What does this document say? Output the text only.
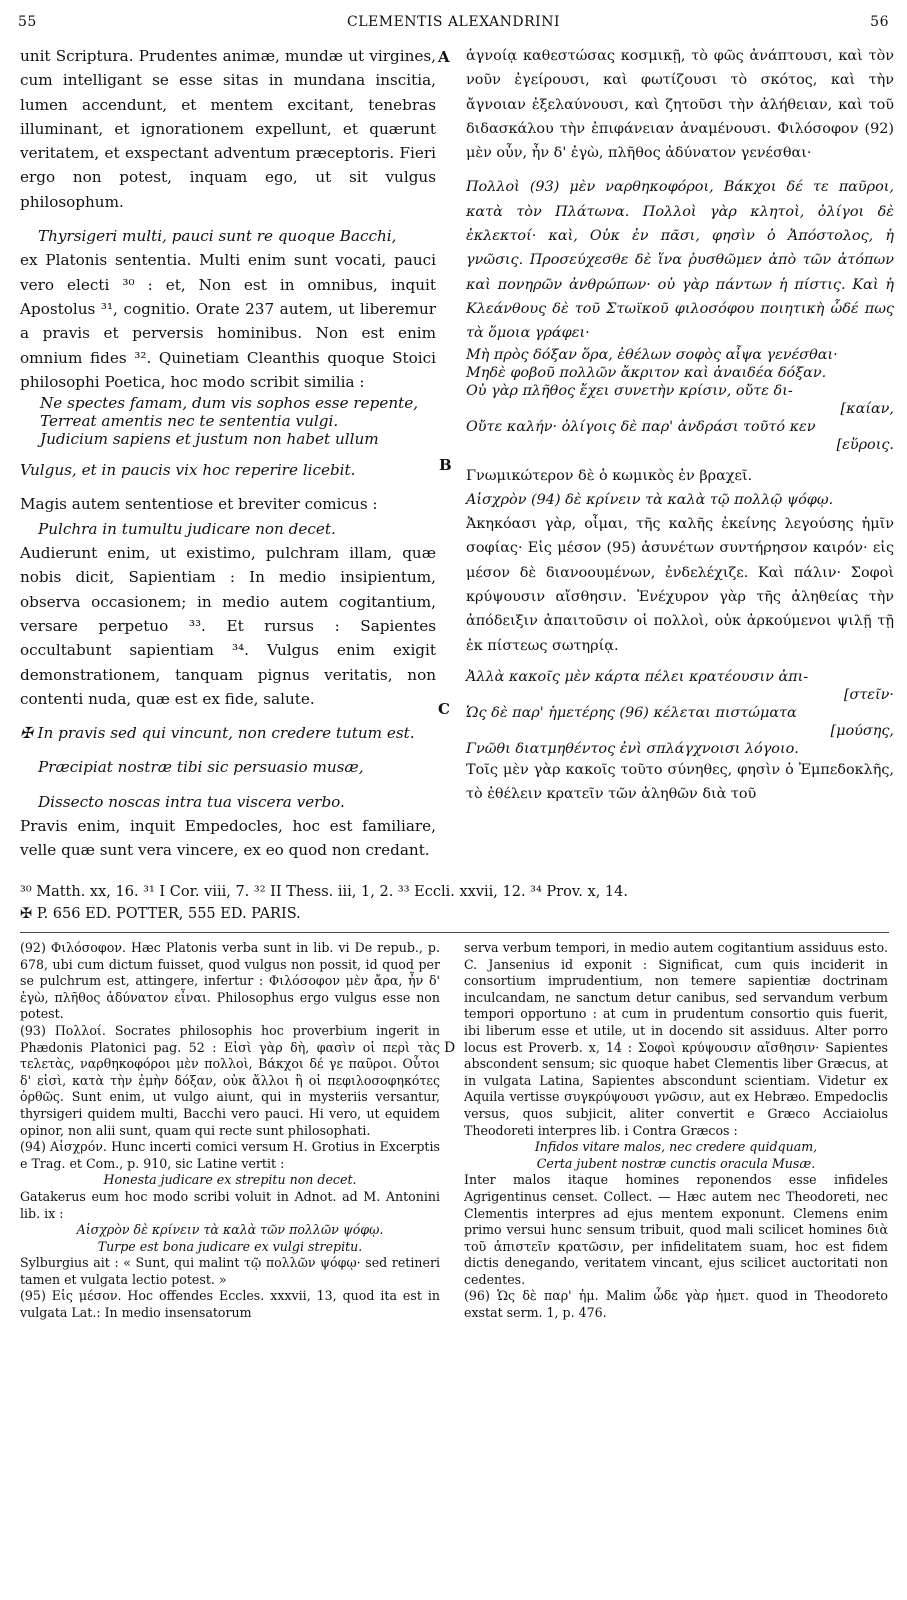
55	CLEMENTIS ALEXANDRINI	56
A
B
C
D

unit Scriptura. Prudentes animæ, mundæ ut virgines, cum intelligant se esse sitas in mundana inscitia, lumen accendunt, et mentem excitant, tenebras illuminant, et ignorationem expellunt, et quærunt veritatem, et exspectant adventum præceptoris. Fieri ergo non potest, inquam ego, ut sit vulgus philosophum.

Thyrsigeri multi, pauci sunt re quoque Bacchi,

ex Platonis sententia. Multi enim sunt vocati, pauci vero electi ³⁰ : et, Non est in omnibus, inquit Apostolus ³¹, cognitio. Orate 237 autem, ut liberemur a pravis et perversis hominibus. Non est enim omnium fides ³². Quinetiam Cleanthis quoque Stoici philosophi Poetica, hoc modo scribit similia :

Ne spectes famam, dum vis sophos esse repente,
Terreat amentis nec te sententia vulgi.
Judicium sapiens et justum non habet ullum

Vulgus, et in paucis vix hoc reperire licebit.

Magis autem sententiose et breviter comicus :

Pulchra in tumultu judicare non decet.

Audierunt enim, ut existimo, pulchram illam, quæ nobis dicit, Sapientiam : In medio insipientum, observa occasionem; in medio autem cogitantium, versare perpetuo ³³. Et rursus : Sapientes occultabunt sapientiam ³⁴. Vulgus enim exigit demonstrationem, tanquam pignus veritatis, non contenti nuda, quæ est ex fide, salute.

✠ In pravis sed qui vincunt, non credere tutum est.

Præcipiat nostræ tibi sic persuasio musæ,

Dissecto noscas intra tua viscera verbo.

Pravis enim, inquit Empedocles, hoc est familiare, velle quæ sunt vera vincere, ex eo quod non credant.

ἁγνοίᾳ καθεστώσας κοσμικῇ, τὸ φῶς ἀνάπτουσι, καὶ τὸν νοῦν ἐγείρουσι, καὶ φωτίζουσι τὸ σκότος, καὶ τὴν ἄγνοιαν ἐξελαύνουσι, καὶ ζητοῦσι τὴν ἀλήθειαν, καὶ τοῦ διδασκάλου τὴν ἐπιφάνειαν ἀναμένουσι. Φιλόσοφον (92) μὲν οὖν, ἦν δ' ἐγὼ, πλῆθος ἀδύνατον γενέσθαι·

Πολλοὶ (93) μὲν ναρθηκοφόροι, Βάκχοι δέ τε παῦροι, κατὰ τὸν Πλάτωνα. Πολλοὶ γὰρ κλητοὶ, ὀλίγοι δὲ ἐκλεκτοί· καὶ, Οὐκ ἐν πᾶσι, φησὶν ὁ Ἀπόστολος, ἡ γνῶσις. Προσεύχεσθε δὲ ἵνα ῥυσθῶμεν ἀπὸ τῶν ἀτόπων καὶ πονηρῶν ἀνθρώπων· οὐ γὰρ πάντων ἡ πίστις. Καὶ ἡ Κλεάνθους δὲ τοῦ Στωϊκοῦ φιλοσόφου ποιητικὴ ὧδέ πως τὰ ὅμοια γράφει·

Μὴ πρὸς δόξαν ὅρα, ἐθέλων σοφὸς αἶψα γενέσθαι·
Μηδὲ φοβοῦ πολλῶν ἄκριτον καὶ ἀναιδέα δόξαν.
Οὐ γὰρ πλῆθος ἔχει συνετὴν κρίσιν, οὔτε δι-
[καίαν,
Οὔτε καλήν· ὀλίγοις δὲ παρ' ἀνδράσι τοῦτό κεν
[εὕροις.

Γνωμικώτερον δὲ ὁ κωμικὸς ἐν βραχεῖ.

Αἰσχρὸν (94) δὲ κρίνειν τὰ καλὰ τῷ πολλῷ ψόφῳ.

Ἀκηκόασι γὰρ, οἶμαι, τῆς καλῆς ἐκείνης λεγούσης ἡμῖν σοφίας· Εἰς μέσον (95) ἀσυνέτων συντήρησον καιρόν· εἰς μέσον δὲ διανοουμένων, ἐνδελέχιζε. Καὶ πάλιν· Σοφοὶ κρύψουσιν αἴσθησιν. Ἐνέχυρον γὰρ τῆς ἀληθείας τὴν ἀπόδειξιν ἀπαιτοῦσιν οἱ πολλοὶ, οὐκ ἀρκούμενοι ψιλῇ τῇ ἐκ πίστεως σωτηρίᾳ.

Ἀλλὰ κακοῖς μὲν κάρτα πέλει κρατέουσιν ἀπι-
[στεῖν·
Ὡς δὲ παρ' ἡμετέρης (96) κέλεται πιστώματα
[μούσης,
Γνῶθι διατμηθέντος ἐνὶ σπλάγχνοισι λόγοιο.

Τοῖς μὲν γὰρ κακοῖς τοῦτο σύνηθες, φησὶν ὁ Ἐμπεδοκλῆς, τὸ ἐθέλειν κρατεῖν τῶν ἀληθῶν διὰ τοῦ

³⁰ Matth. xx, 16. ³¹ I Cor. viii, 7. ³² II Thess. iii, 1, 2. ³³ Eccli. xxvii, 12. ³⁴ Prov. x, 14.
✠ P. 656 ED. POTTER, 555 ED. PARIS.

(92) Φιλόσοφον. Hæc Platonis verba sunt in lib. vi De repub., p. 678, ubi cum dictum fuisset, quod vulgus non possit, id quod per se pulchrum est, attingere, infertur : Φιλόσοφον μὲν ἄρα, ἦν δ' ἐγὼ, πλῆθος ἀδύνατον εἶναι. Philosophus ergo vulgus esse non potest.

(93) Πολλοί. Socrates philosophis hoc proverbium ingerit in Phædonis Platonici pag. 52 : Εἰσὶ γὰρ δὴ, φασὶν οἱ περὶ τὰς τελετὰς, ναρθηκοφόροι μὲν πολλοὶ, Βάκχοι δέ γε παῦροι. Οὗτοι δ' εἰσὶ, κατὰ τὴν ἐμὴν δόξαν, οὐκ ἄλλοι ἢ οἱ πεφιλοσοφηκότες ὀρθῶς. Sunt enim, ut vulgo aiunt, qui in mysteriis versantur, thyrsigeri quidem multi, Bacchi vero pauci. Hi vero, ut equidem opinor, non alii sunt, quam qui recte sunt philosophati.

(94) Αἰσχρόν. Hunc incerti comici versum H. Grotius in Excerptis e Trag. et Com., p. 910, sic Latine vertit :

Honesta judicare ex strepitu non decet.

Gatakerus eum hoc modo scribi voluit in Adnot. ad M. Antonini lib. ix :

Αἰσχρὸν δὲ κρίνειν τὰ καλὰ τῶν πολλῶν ψόφῳ.

Turpe est bona judicare ex vulgi strepitu.

Sylburgius ait : « Sunt, qui malint τῷ πολλῶν ψόφῳ· sed retineri tamen et vulgata lectio potest. »

(95) Εἰς μέσον. Hoc offendes Eccles. xxxvii, 13, quod ita est in vulgata Lat.: In medio insensatorum

serva verbum tempori, in medio autem cogitantium assiduus esto. C. Jansenius id exponit : Significat, cum quis inciderit in consortium imprudentium, non temere sapientiæ doctrinam inculcandam, ne sanctum detur canibus, sed servandum verbum tempori opportuno : at cum in prudentum consortio quis fuerit, ibi liberum esse et utile, ut in docendo sit assiduus. Alter porro locus est Proverb. x, 14 : Σοφοὶ κρύψουσιν αἴσθησιν· Sapientes abscondent sensum; sic quoque habet Clementis liber Græcus, at in vulgata Latina, Sapientes abscondunt scientiam. Videtur ex Aquila vertisse συγκρύψουσι γνῶσιν, aut ex Hebræo. Empedoclis versus, quos subjicit, aliter convertit e Græco Acciaiolus Theodoreti interpres lib. i Contra Græcos :

Infidos vitare malos, nec credere quidquam,

Certa jubent nostræ cunctis oracula Musæ.

Inter malos itaque homines reponendos esse infideles Agrigentinus censet. Collect. — Hæc autem nec Theodoreti, nec Clementis interpres ad ejus mentem exponunt. Clemens enim primo versui hunc sensum tribuit, quod mali scilicet homines διὰ τοῦ ἀπιστεῖν κρατῶσιν, per infidelitatem suam, hoc est fidem dictis denegando, veritatem vincant, ejus scilicet auctoritati non cedentes.

(96) Ὡς δὲ παρ' ἡμ. Malim ὧδε γὰρ ἡμετ. quod in Theodoreto exstat serm. 1, p. 476.
